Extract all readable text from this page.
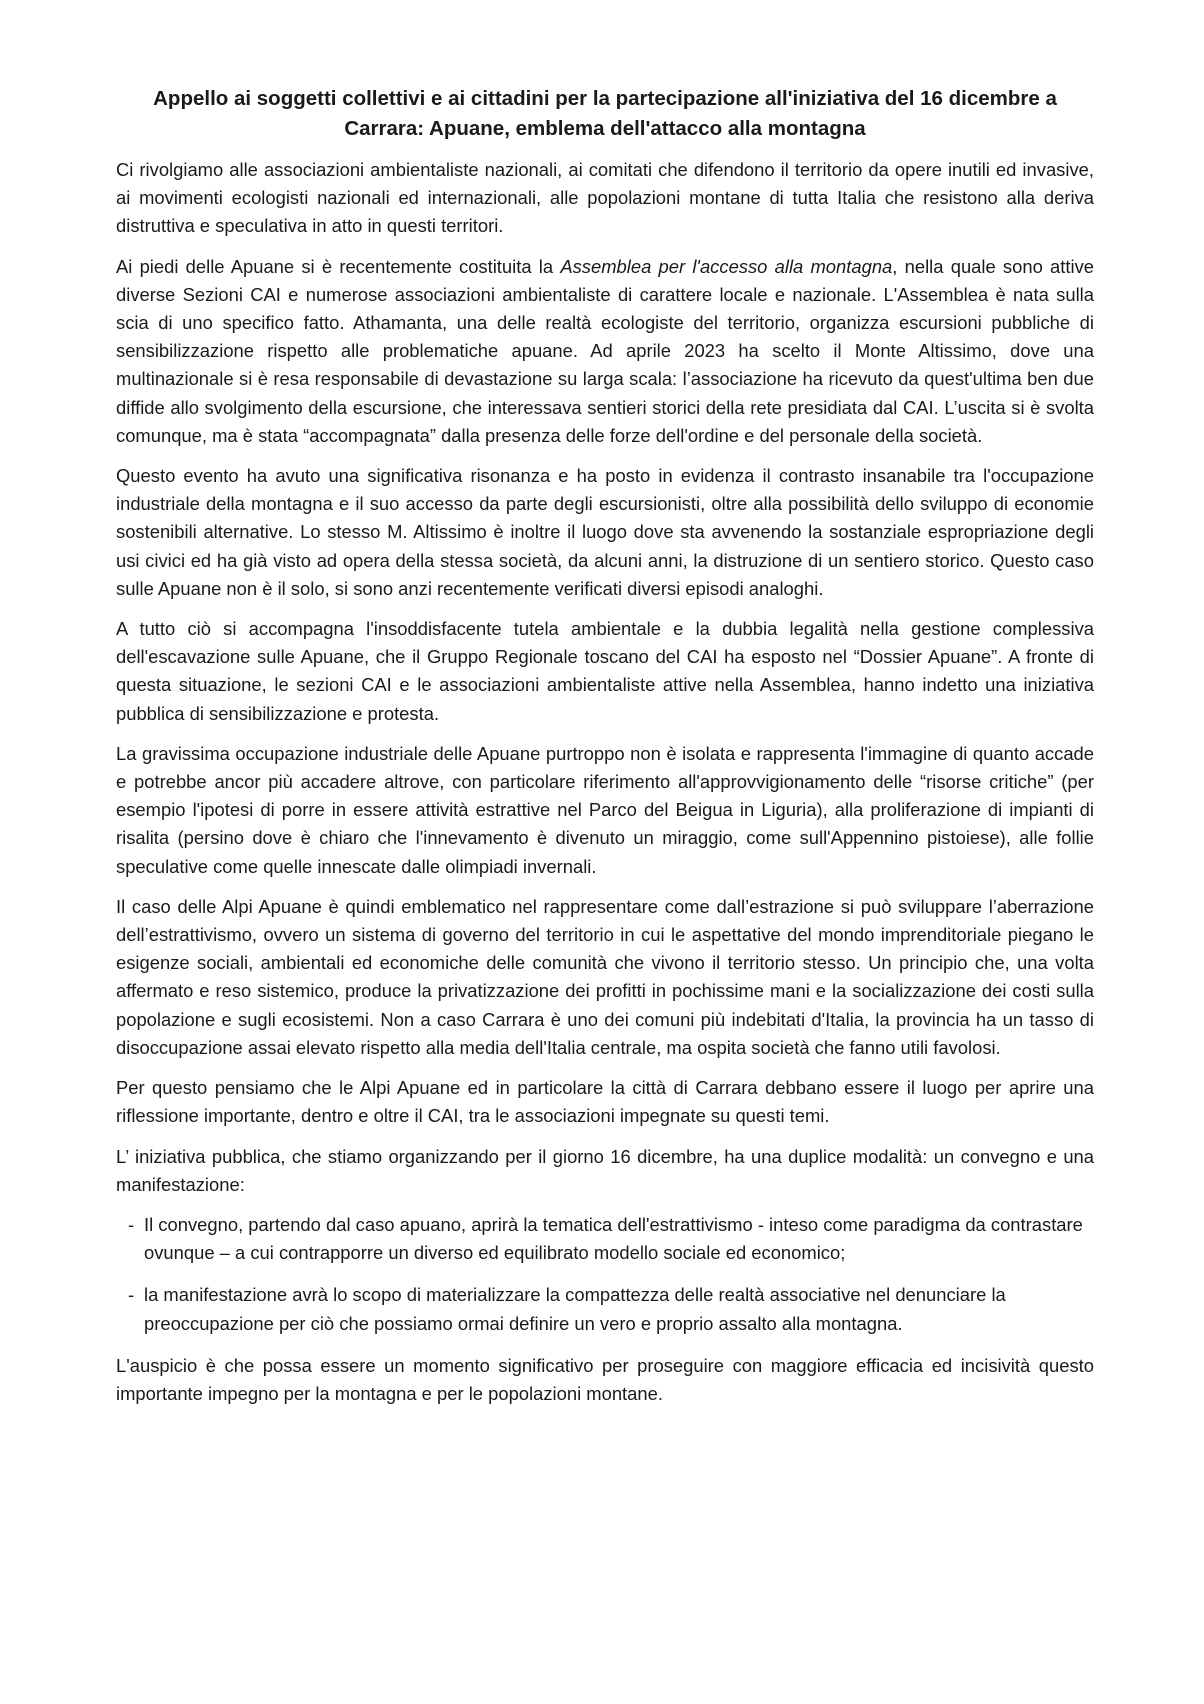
Appello ai soggetti collettivi e ai cittadini per la partecipazione all'iniziativa del 16 dicembre a
Carrara: Apuane, emblema dell'attacco alla montagna

Ci rivolgiamo alle associazioni ambientaliste nazionali, ai comitati che difendono il territorio da opere inutili ed invasive, ai movimenti ecologisti nazionali ed internazionali, alle popolazioni montane di tutta Italia che resistono alla deriva distruttiva e speculativa in atto in questi territori.

Ai piedi delle Apuane si è recentemente costituita la Assemblea per l'accesso alla montagna, nella quale sono attive diverse Sezioni CAI e numerose associazioni ambientaliste di carattere locale e nazionale. L'Assemblea è nata sulla scia di uno specifico fatto. Athamanta, una delle realtà ecologiste del territorio, organizza escursioni pubbliche di sensibilizzazione rispetto alle problematiche apuane. Ad aprile 2023 ha scelto il Monte Altissimo, dove una multinazionale si è resa responsabile di devastazione su larga scala: l’associazione ha ricevuto da quest'ultima ben due diffide allo svolgimento della escursione, che interessava sentieri storici della rete presidiata dal CAI. L’uscita si è svolta comunque, ma è stata “accompagnata” dalla presenza delle forze dell'ordine e del personale della società.

Questo evento ha avuto una significativa risonanza e ha posto in evidenza il contrasto insanabile tra l'occupazione industriale della montagna e il suo accesso da parte degli escursionisti, oltre alla possibilità dello sviluppo di economie sostenibili alternative. Lo stesso M. Altissimo è inoltre il luogo dove sta avvenendo la sostanziale espropriazione degli usi civici ed ha già visto ad opera della stessa società, da alcuni anni, la distruzione di un sentiero storico. Questo caso sulle Apuane non è il solo, si sono anzi recentemente verificati diversi episodi analoghi.

A tutto ciò si accompagna l'insoddisfacente tutela ambientale e la dubbia legalità nella gestione complessiva dell'escavazione sulle Apuane, che il Gruppo Regionale toscano del CAI ha esposto nel “Dossier Apuane”. A fronte di questa situazione, le sezioni CAI e le associazioni ambientaliste attive nella Assemblea, hanno indetto una iniziativa pubblica di sensibilizzazione e protesta.

La gravissima occupazione industriale delle Apuane purtroppo non è isolata e rappresenta l'immagine di quanto accade e potrebbe ancor più accadere altrove, con particolare riferimento all'approvvigionamento delle “risorse critiche” (per esempio l'ipotesi di porre in essere attività estrattive nel Parco del Beigua in Liguria), alla proliferazione di impianti di risalita (persino dove è chiaro che l'innevamento è divenuto un miraggio, come sull'Appennino pistoiese), alle follie speculative come quelle innescate dalle olimpiadi invernali.

Il caso delle Alpi Apuane è quindi emblematico nel rappresentare come dall’estrazione si può sviluppare l’aberrazione dell’estrattivismo, ovvero un sistema di governo del territorio in cui le aspettative del mondo imprenditoriale piegano le esigenze sociali, ambientali ed economiche delle comunità che vivono il territorio stesso. Un principio che, una volta affermato e reso sistemico, produce la privatizzazione dei profitti in pochissime mani e la socializzazione dei costi sulla popolazione e sugli ecosistemi. Non a caso Carrara è uno dei comuni più indebitati d'Italia, la provincia ha un tasso di disoccupazione assai elevato rispetto alla media dell'Italia centrale, ma ospita società che fanno utili favolosi.

Per questo pensiamo che le Alpi Apuane ed in particolare la città di Carrara debbano essere il luogo per aprire una riflessione importante, dentro e oltre il CAI, tra le associazioni impegnate su questi temi.

L’ iniziativa pubblica, che stiamo organizzando per il giorno 16 dicembre, ha una duplice modalità: un convegno e una manifestazione:

- Il convegno, partendo dal caso apuano, aprirà la tematica dell'estrattivismo - inteso come paradigma da contrastare ovunque – a cui contrapporre un diverso ed equilibrato modello sociale ed economico;
- la manifestazione avrà lo scopo di materializzare la compattezza delle realtà associative nel denunciare la preoccupazione per ciò che possiamo ormai definire un vero e proprio assalto alla montagna.

L'auspicio è che possa essere un momento significativo per proseguire con maggiore efficacia ed incisività questo importante impegno per la montagna e per le popolazioni montane.
